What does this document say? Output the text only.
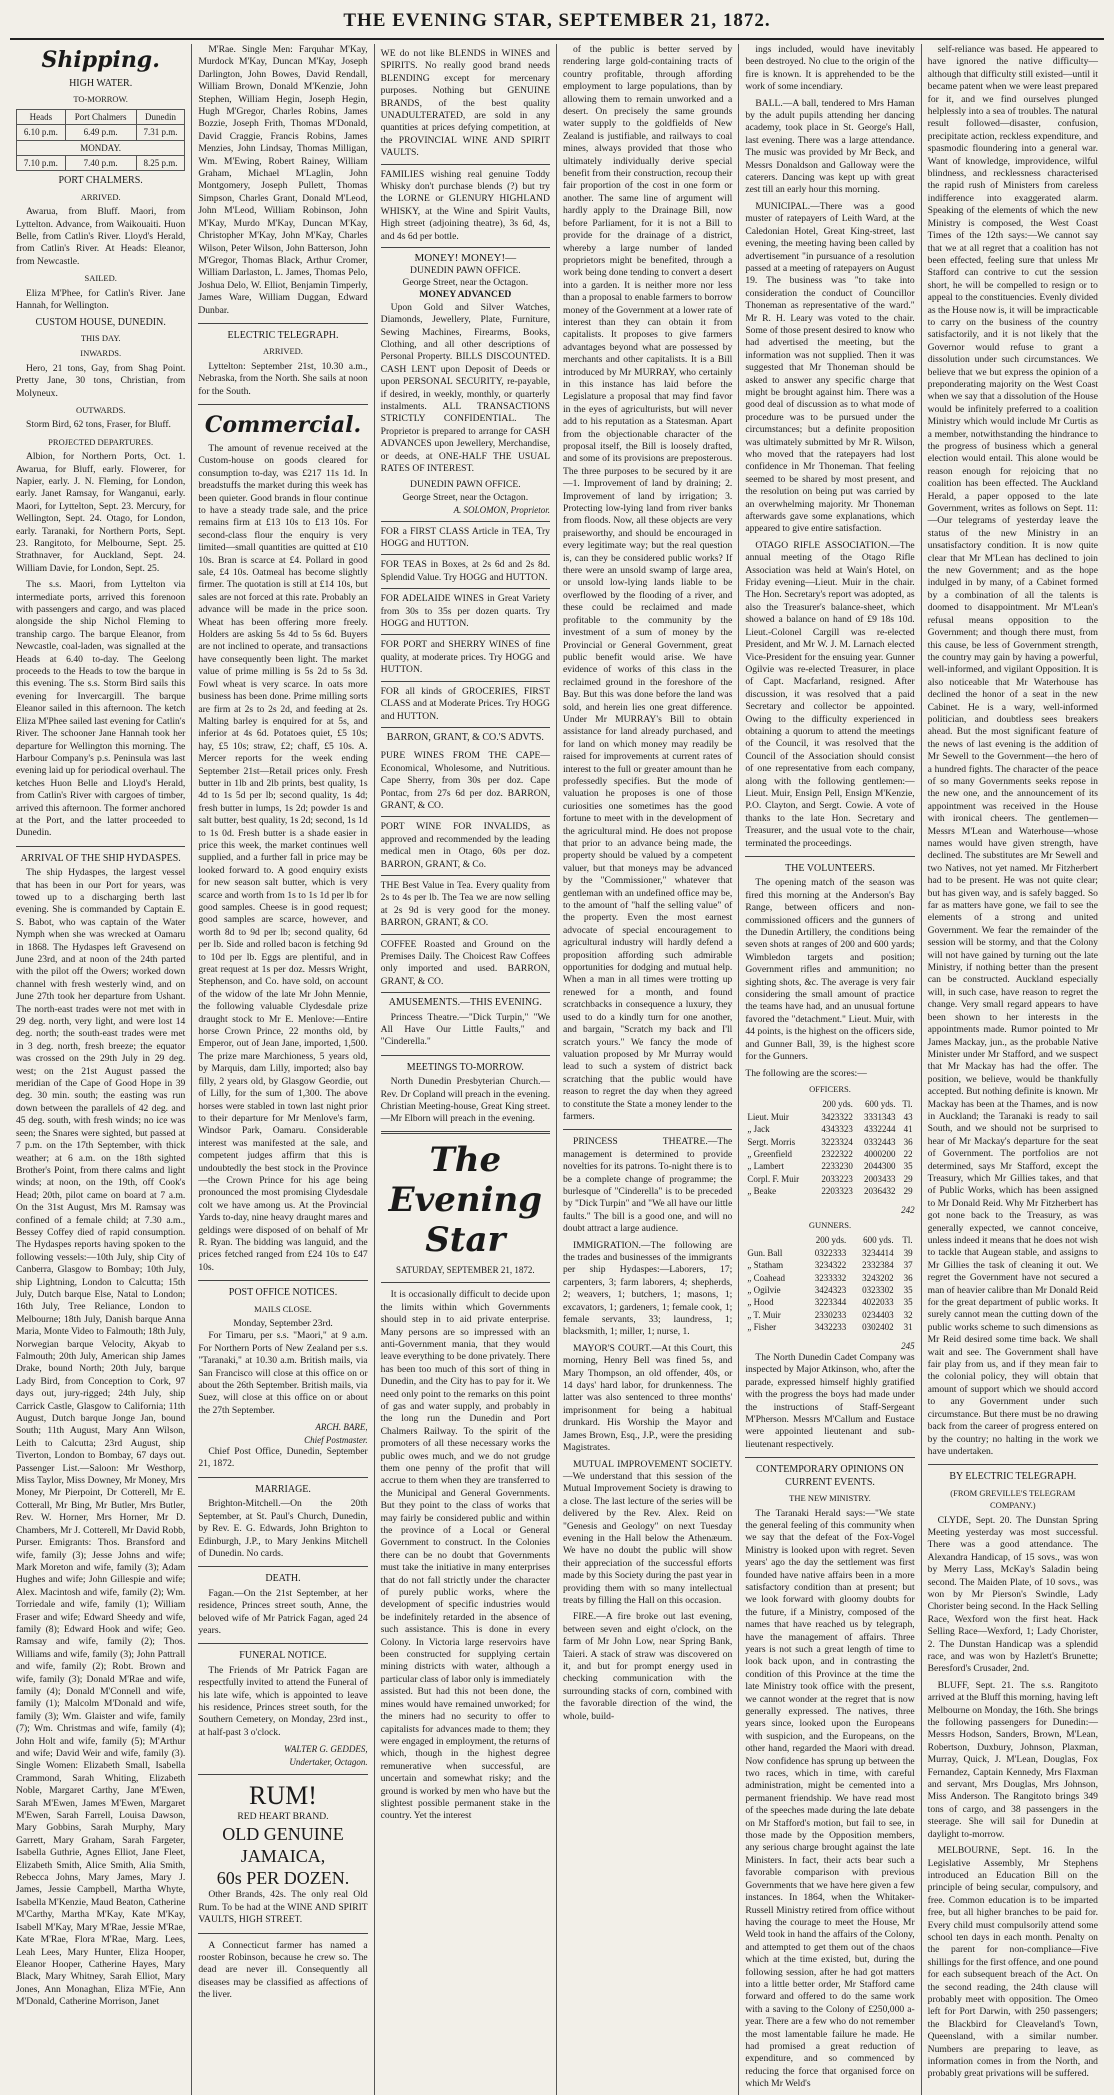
THE EVENING STAR, SEPTEMBER 21, 1872.
Shipping.
HIGH WATER.
TO-MORROW.
Heads	Port Chalmers	Dunedin
6.10 p.m.	6.49 p.m.	7.31 p.m.
MONDAY.		
7.10 p.m.	7.40 p.m.	8.25 p.m.
PORT CHALMERS.
ARRIVED.

Awarua, from Bluff. Maori, from Lyttelton. Advance, from Waikouaiti. Huon Belle, from Catlin's River. Lloyd's Herald, from Catlin's River. At Heads: Eleanor, from Newcastle.

SAILED.

Eliza M'Phee, for Catlin's River. Jane Hannah, for Wellington.

CUSTOM HOUSE, DUNEDIN.
THIS DAY.
INWARDS.

Hero, 21 tons, Gay, from Shag Point. Pretty Jane, 30 tons, Christian, from Molyneux.

OUTWARDS.

Storm Bird, 62 tons, Fraser, for Bluff.

PROJECTED DEPARTURES.

Albion, for Northern Ports, Oct. 1. Awarua, for Bluff, early. Flowerer, for Napier, early. J. N. Fleming, for London, early. Janet Ramsay, for Wanganui, early. Maori, for Lyttelton, Sept. 23. Mercury, for Wellington, Sept. 24. Otago, for London, early. Taranaki, for Northern Ports, Sept. 23. Rangitoto, for Melbourne, Sept. 25. Strathnaver, for Auckland, Sept. 24. William Davie, for London, Sept. 25.

The s.s. Maori, from Lyttelton via intermediate ports, arrived this forenoon with passengers and cargo, and was placed alongside the ship Nichol Fleming to tranship cargo. The barque Eleanor, from Newcastle, coal-laden, was signalled at the Heads at 6.40 to-day. The Geelong proceeds to the Heads to tow the barque in this evening. The s.s. Storm Bird sails this evening for Invercargill. The barque Eleanor sailed in this afternoon. The ketch Eliza M'Phee sailed last evening for Catlin's River. The schooner Jane Hannah took her departure for Wellington this morning. The Harbour Company's p.s. Peninsula was last evening laid up for periodical overhaul. The ketches Huon Belle and Lloyd's Herald, from Catlin's River with cargoes of timber, arrived this afternoon. The former anchored at the Port, and the latter proceeded to Dunedin.

ARRIVAL OF THE SHIP HYDASPES.

The ship Hydaspes, the largest vessel that has been in our Port for years, was towed up to a discharging berth last evening. She is commanded by Captain E. S. Babot, who was captain of the Water Nymph when she was wrecked at Oamaru in 1868. The Hydaspes left Gravesend on June 23rd, and at noon of the 24th parted with the pilot off the Owers; worked down channel with fresh westerly wind, and on June 27th took her departure from Ushant. The north-east trades were not met with in 29 deg. north, very light, and were lost 14 deg. north; the south-east trades were met in 3 deg. north, fresh breeze; the equator was crossed on the 29th July in 29 deg. west; on the 21st August passed the meridian of the Cape of Good Hope in 39 deg. 30 min. south; the easting was run down between the parallels of 42 deg. and 45 deg. south, with fresh winds; no ice was seen; the Snares were sighted, but passed at 7 p.m. on the 17th September, with thick weather; at 6 a.m. on the 18th sighted Brother's Point, from there calms and light winds; at noon, on the 19th, off Cook's Head; 20th, pilot came on board at 7 a.m. On the 31st August, Mrs M. Ramsay was confined of a female child; at 7.30 a.m., Bessey Coffey died of rapid consumption. The Hydaspes reports having spoken to the following vessels:—10th July, ship City of Canberra, Glasgow to Bombay; 10th July, ship Lightning, London to Calcutta; 15th July, Dutch barque Else, Natal to London; 16th July, Tree Reliance, London to Melbourne; 18th July, Danish barque Anna Maria, Monte Video to Falmouth; 18th July, Norwegian barque Velocity, Akyab to Falmouth; 20th July, American ship James Drake, bound North; 20th July, barque Lady Bird, from Conception to Cork, 97 days out, jury-rigged; 24th July, ship Carrick Castle, Glasgow to California; 11th August, Dutch barque Jonge Jan, bound South; 11th August, Mary Ann Wilson, Leith to Calcutta; 23rd August, ship Tiverton, London to Bombay, 67 days out. Passenger List.—Saloon: Mr Westhorp, Miss Taylor, Miss Downey, Mr Money, Mrs Money, Mr Pierpoint, Dr Cotterell, Mr E. Cotterall, Mr Bing, Mr Butler, Mrs Butler, Rev. W. Horner, Mrs Horner, Mr D. Chambers, Mr J. Cotterell, Mr David Robb, Purser. Emigrants: Thos. Bransford and wife, family (3); Jesse Johns and wife; Mark Moreton and wife, family (3); Adam Hughes and wife; John Gillespie and wife; Alex. Macintosh and wife, family (2); Wm. Torriedale and wife, family (1); William Fraser and wife; Edward Sheedy and wife, family (8); Edward Hook and wife; Geo. Ramsay and wife, family (2); Thos. Williams and wife, family (3); John Pattrall and wife, family (2); Robt. Brown and wife, family (3); Donald M'Rae and wife, family (4); Donald M'Connell and wife, family (1); Malcolm M'Donald and wife, family (3); Wm. Glaister and wife, family (7); Wm. Christmas and wife, family (4); John Holt and wife, family (5); M'Arthur and wife; David Weir and wife, family (3). Single Women: Elizabeth Small, Isabella Crammond, Sarah Whiting, Elizabeth Noble, Margaret Carthy, Jane M'Ewen, Sarah M'Ewen, James M'Ewen, Margaret M'Ewen, Sarah Farrell, Louisa Dawson, Mary Gobbins, Sarah Murphy, Mary Garrett, Mary Graham, Sarah Fargeter, Isabella Guthrie, Agnes Elliot, Jane Fleet, Elizabeth Smith, Alice Smith, Alia Smith, Rebecca Johns, Mary James, Mary J. James, Jessie Campbell, Martha Whyte, Isabella M'Kenzie, Maud Beaton, Catherine M'Carthy, Martha M'Kay, Kate M'Kay, Isabell M'Kay, Mary M'Rae, Jessie M'Rae, Kate M'Rae, Flora M'Rae, Marg. Lees, Leah Lees, Mary Hunter, Eliza Hooper, Eleanor Hooper, Catherine Hayes, Mary Black, Mary Whitney, Sarah Elliot, Mary Jones, Ann Monaghan, Eliza M'Fie, Ann M'Donald, Catherine Morrison, Janet

M'Rae. Single Men: Farquhar M'Kay, Murdock M'Kay, Duncan M'Kay, Joseph Darlington, John Bowes, David Rendall, William Brown, Donald M'Kenzie, John Stephen, William Hegin, Joseph Hegin, Hugh M'Gregor, Charles Robins, James Bozzie, Joseph Frith, Thomas M'Donald, David Craggie, Francis Robins, James Menzies, John Lindsay, Thomas Milligan, Wm. M'Ewing, Robert Rainey, William Graham, Michael M'Laglin, John Montgomery, Joseph Pullett, Thomas Simpson, Charles Grant, Donald M'Leod, John M'Leod, William Robinson, John M'Kay, Murdo M'Kay, Duncan M'Kay, Christopher M'Kay, John M'Kay, Charles Wilson, Peter Wilson, John Batterson, John M'Gregor, Thomas Black, Arthur Cromer, William Darlaston, L. James, Thomas Pelo, Joshua Delo, W. Elliot, Benjamin Timperly, James Ware, William Duggan, Edward Dunbar.

ELECTRIC TELEGRAPH.
ARRIVED.

Lyttelton: September 21st, 10.30 a.m., Nebraska, from the North. She sails at noon for the South.

Commercial.

The amount of revenue received at the Custom-house on goods cleared for consumption to-day, was £217 11s 1d. In breadstuffs the market during this week has been quieter. Good brands in flour continue to have a steady trade sale, and the price remains firm at £13 10s to £13 10s. For second-class flour the enquiry is very limited—small quantities are quitted at £10 10s. Bran is scarce at £4. Pollard in good sale, £4 10s. Oatmeal has become slightly firmer. The quotation is still at £14 10s, but sales are not forced at this rate. Probably an advance will be made in the price soon. Wheat has been offering more freely. Holders are asking 5s 4d to 5s 6d. Buyers are not inclined to operate, and transactions have consequently been light. The market value of prime milling is 5s 2d to 5s 3d. Fowl wheat is very scarce. In oats more business has been done. Prime milling sorts are firm at 2s to 2s 2d, and feeding at 2s. Malting barley is enquired for at 5s, and inferior at 4s 6d. Potatoes quiet, £5 10s; hay, £5 10s; straw, £2; chaff, £5 10s. A. Mercer reports for the week ending September 21st—Retail prices only. Fresh butter in 1lb and 2lb prints, best quality, 1s 4d to 1s 5d per lb; second quality, 1s 4d; fresh butter in lumps, 1s 2d; powder 1s and salt butter, best quality, 1s 2d; second, 1s 1d to 1s 0d. Fresh butter is a shade easier in price this week, the market continues well supplied, and a further fall in price may be looked forward to. A good enquiry exists for new season salt butter, which is very scarce and worth from 1s to 1s 1d per lb for good samples. Cheese is in good request; good samples are scarce, however, and worth 8d to 9d per lb; second quality, 6d per lb. Side and rolled bacon is fetching 9d to 10d per lb. Eggs are plentiful, and in great request at 1s per doz. Messrs Wright, Stephenson, and Co. have sold, on account of the widow of the late Mr John Mennie, the following valuable Clydesdale prize draught stock to Mr E. Menlove:—Entire horse Crown Prince, 22 months old, by Emperor, out of Jean Jane, imported, 1,500. The prize mare Marchioness, 5 years old, by Marquis, dam Lilly, imported; also bay filly, 2 years old, by Glasgow Geordie, out of Lilly, for the sum of 1,300. The above horses were stabled in town last night prior to their departure for Mr Menlove's farm, Windsor Park, Oamaru. Considerable interest was manifested at the sale, and competent judges affirm that this is undoubtedly the best stock in the Province—the Crown Prince for his age being pronounced the most promising Clydesdale colt we have among us. At the Provincial Yards to-day, nine heavy draught mares and geldings were disposed of on behalf of Mr R. Ryan. The bidding was languid, and the prices fetched ranged from £24 10s to £47 10s.

POST OFFICE NOTICES.
MAILS CLOSE.
Monday, September 23rd.

For Timaru, per s.s. "Maori," at 9 a.m. For Northern Ports of New Zealand per s.s. "Taranaki," at 10.30 a.m. British mails, via San Francisco will close at this office on or about the 26th September. British mails, via Suez, will close at this office on or about the 27th September.

ARCH. BARE,
Chief Postmaster.

Chief Post Office, Dunedin, September 21, 1872.

MARRIAGE.

Brighton-Mitchell.—On the 20th September, at St. Paul's Church, Dunedin, by Rev. E. G. Edwards, John Brighton to Edinburgh, J.P., to Mary Jenkins Mitchell of Dunedin. No cards.

DEATH.

Fagan.—On the 21st September, at her residence, Princes street south, Anne, the beloved wife of Mr Patrick Fagan, aged 24 years.

FUNERAL NOTICE.

The Friends of Mr Patrick Fagan are respectfully invited to attend the Funeral of his late wife, which is appointed to leave his residence, Princes street south, for the Southern Cemetery, on Monday, 23rd inst., at half-past 3 o'clock.

WALTER G. GEDDES,
Undertaker, Octagon.
RUM!
RED HEART BRAND.
OLD GENUINE JAMAICA,
60s PER DOZEN.

Other Brands, 42s. The only real Old Rum. To be had at the WINE AND SPIRIT VAULTS, HIGH STREET.

A Connecticut farmer has named a rooster Robinson, because he crew so. The dead are never ill. Consequently all diseases may be classified as affections of the liver.

WE do not like BLENDS in WINES and SPIRITS. No really good brand needs BLENDING except for mercenary purposes. Nothing but GENUINE BRANDS, of the best quality UNADULTERATED, are sold in any quantities at prices defying competition, at the PROVINCIAL WINE AND SPIRIT VAULTS.
FAMILIES wishing real genuine Toddy Whisky don't purchase blends (?) but try the LORNE or GLENURY HIGHLAND WHISKY, at the Wine and Spirit Vaults, High street (adjoining theatre), 3s 6d, 4s, and 4s 6d per bottle.
MONEY! MONEY!—
DUNEDIN PAWN OFFICE.
George Street, near the Octagon.
MONEY ADVANCED

Upon Gold and Silver Watches, Diamonds, Jewellery, Plate, Furniture, Sewing Machines, Firearms, Books, Clothing, and all other descriptions of Personal Property. BILLS DISCOUNTED. CASH LENT upon Deposit of Deeds or upon PERSONAL SECURITY, re-payable, if desired, in weekly, monthly, or quarterly instalments. ALL TRANSACTIONS STRICTLY CONFIDENTIAL. The Proprietor is prepared to arrange for CASH ADVANCES upon Jewellery, Merchandise, or deeds, at ONE-HALF THE USUAL RATES OF INTEREST.

DUNEDIN PAWN OFFICE.
George Street, near the Octagon.
A. SOLOMON, Proprietor.
FOR a FIRST CLASS Article in TEA, Try HOGG and HUTTON.
FOR TEAS in Boxes, at 2s 6d and 2s 8d. Splendid Value. Try HOGG and HUTTON.
FOR ADELAIDE WINES in Great Variety from 30s to 35s per dozen quarts. Try HOGG and HUTTON.
FOR PORT and SHERRY WINES of fine quality, at moderate prices. Try HOGG and HUTTON.
FOR all kinds of GROCERIES, FIRST CLASS and at Moderate Prices. Try HOGG and HUTTON.
BARRON, GRANT, & CO.'S ADVTS.
PURE WINES FROM THE CAPE— Economical, Wholesome, and Nutritious. Cape Sherry, from 30s per doz. Cape Pontac, from 27s 6d per doz. BARRON, GRANT, & CO.
PORT WINE FOR INVALIDS, as approved and recommended by the leading medical men in Otago, 60s per doz. BARRON, GRANT, & Co.
THE Best Value in Tea. Every quality from 2s to 4s per lb. The Tea we are now selling at 2s 9d is very good for the money. BARRON, GRANT, & CO.
COFFEE Roasted and Ground on the Premises Daily. The Choicest Raw Coffees only imported and used. BARRON, GRANT, & CO.
AMUSEMENTS.—THIS EVENING.

Princess Theatre.—"Dick Turpin," "We All Have Our Little Faults," and "Cinderella."

MEETINGS TO-MORROW.

North Dunedin Presbyterian Church.—Rev. Dr Copland will preach in the evening. Christian Meeting-house, Great King street.—Mr Elborn will preach in the evening.

The Evening Star
SATURDAY, SEPTEMBER 21, 1872.

It is occasionally difficult to decide upon the limits within which Governments should step in to aid private enterprise. Many persons are so impressed with an anti-Government mania, that they would leave everything to be done privately. There has been too much of this sort of thing in Dunedin, and the City has to pay for it. We need only point to the remarks on this point of gas and water supply, and probably in the long run the Dunedin and Port Chalmers Railway. To the spirit of the promoters of all these necessary works the public owes much, and we do not grudge them one penny of the profit that will accrue to them when they are transferred to the Municipal and General Governments. But they point to the class of works that may fairly be considered public and within the province of a Local or General Government to construct. In the Colonies there can be no doubt that Governments must take the initiative in many enterprises that do not fall strictly under the character of purely public works, where the development of specific industries would be indefinitely retarded in the absence of such assistance. This is done in every Colony. In Victoria large reservoirs have been constructed for supplying certain mining districts with water, although a particular class of labor only is immediately assisted. But had this not been done, the mines would have remained unworked; for the miners had no security to offer to capitalists for advances made to them; they were engaged in employment, the returns of which, though in the highest degree remunerative when successful, are uncertain and somewhat risky; and the ground is worked by men who have but the slightest possible permanent stake in the country. Yet the interest

of the public is better served by rendering large gold-containing tracts of country profitable, through affording employment to large populations, than by allowing them to remain unworked and a desert. On precisely the same grounds water supply to the goldfields of New Zealand is justifiable, and railways to coal mines, always provided that those who ultimately individually derive special benefit from their construction, recoup their fair proportion of the cost in one form or another. The same line of argument will hardly apply to the Drainage Bill, now before Parliament, for it is not a Bill to provide for the drainage of a district, whereby a large number of landed proprietors might be benefited, through a work being done tending to convert a desert into a garden. It is neither more nor less than a proposal to enable farmers to borrow money of the Government at a lower rate of interest than they can obtain it from capitalists. It proposes to give farmers advantages beyond what are possessed by merchants and other capitalists. It is a Bill introduced by Mr MURRAY, who certainly in this instance has laid before the Legislature a proposal that may find favor in the eyes of agriculturists, but will never add to his reputation as a Statesman. Apart from the objectionable character of the proposal itself, the Bill is loosely drafted, and some of its provisions are preposterous. The three purposes to be secured by it are—1. Improvement of land by draining; 2. Improvement of land by irrigation; 3. Protecting low-lying land from river banks from floods. Now, all these objects are very praiseworthy, and should be encouraged in every legitimate way; but the real question is, can they be considered public works? If there were an unsold swamp of large area, or unsold low-lying lands liable to be overflowed by the flooding of a river, and these could be reclaimed and made profitable to the community by the investment of a sum of money by the Provincial or General Government, great public benefit would arise. We have evidence of works of this class in the reclaimed ground in the foreshore of the Bay. But this was done before the land was sold, and herein lies one great difference. Under Mr MURRAY's Bill to obtain assistance for land already purchased, and for land on which money may readily be raised for improvements at current rates of interest to the full or greater amount than he professedly specifies. But the mode of valuation he proposes is one of those curiosities one sometimes has the good fortune to meet with in the development of the agricultural mind. He does not propose that prior to an advance being made, the property should be valued by a competent valuer, but that moneys may be advanced by the "Commissioner," whatever that gentleman with an undefined office may be, to the amount of "half the selling value" of the property. Even the most earnest advocate of special encouragement to agricultural industry will hardly defend a proposition affording such admirable opportunities for dodging and mutual help. When a man in all times were trotting up renewed for a month, and found scratchbacks in consequence a luxury, they used to do a kindly turn for one another, and bargain, "Scratch my back and I'll scratch yours." We fancy the mode of valuation proposed by Mr Murray would lead to such a system of district back scratching that the public would have reason to regret the day when they agreed to constitute the State a money lender to the farmers.

PRINCESS THEATRE.—The management is determined to provide novelties for its patrons. To-night there is to be a complete change of programme; the burlesque of "Cinderella" is to be preceded by "Dick Turpin" and "We all have our little faults." The bill is a good one, and will no doubt attract a large audience.

IMMIGRATION.—The following are the trades and businesses of the immigrants per ship Hydaspes:—Laborers, 17; carpenters, 3; farm laborers, 4; shepherds, 2; weavers, 1; butchers, 1; masons, 1; excavators, 1; gardeners, 1; female cook, 1; female servants, 33; laundress, 1; blacksmith, 1; miller, 1; nurse, 1.

MAYOR'S COURT.—At this Court, this morning, Henry Bell was fined 5s, and Mary Thompson, an old offender, 40s, or 14 days' hard labor, for drunkenness. The latter was also sentenced to three months' imprisonment for being a habitual drunkard. His Worship the Mayor and James Brown, Esq., J.P., were the presiding Magistrates.

MUTUAL IMPROVEMENT SOCIETY.—We understand that this session of the Mutual Improvement Society is drawing to a close. The last lecture of the series will be delivered by the Rev. Alex. Reid on "Genesis and Geology" on next Tuesday evening in the Hall below the Athenæum. We have no doubt the public will show their appreciation of the successful efforts made by this Society during the past year in providing them with so many intellectual treats by filling the Hall on this occasion.

FIRE.—A fire broke out last evening, between seven and eight o'clock, on the farm of Mr John Low, near Spring Bank, Taieri. A stack of straw was discovered on it, and but for prompt energy used in checking communication with the surrounding stacks of corn, combined with the favorable direction of the wind, the whole, build-

ings included, would have inevitably been destroyed. No clue to the origin of the fire is known. It is apprehended to be the work of some incendiary.

BALL.—A ball, tendered to Mrs Haman by the adult pupils attending her dancing academy, took place in St. George's Hall, last evening. There was a large attendance. The music was provided by Mr Beck, and Messrs Donaldson and Galloway were the caterers. Dancing was kept up with great zest till an early hour this morning.

MUNICIPAL.—There was a good muster of ratepayers of Leith Ward, at the Caledonian Hotel, Great King-street, last evening, the meeting having been called by advertisement "in pursuance of a resolution passed at a meeting of ratepayers on August 19. The business was "to take into consideration the conduct of Councillor Thoneman as representative of the ward." Mr R. H. Leary was voted to the chair. Some of those present desired to know who had advertised the meeting, but the information was not supplied. Then it was suggested that Mr Thoneman should be asked to answer any specific charge that might be brought against him. There was a good deal of discussion as to what mode of procedure was to be pursued under the circumstances; but a definite proposition was ultimately submitted by Mr R. Wilson, who moved that the ratepayers had lost confidence in Mr Thoneman. That feeling seemed to be shared by most present, and the resolution on being put was carried by an overwhelming majority. Mr Thoneman afterwards gave some explanations, which appeared to give entire satisfaction.

OTAGO RIFLE ASSOCIATION.—The annual meeting of the Otago Rifle Association was held at Wain's Hotel, on Friday evening—Lieut. Muir in the chair. The Hon. Secretary's report was adopted, as also the Treasurer's balance-sheet, which showed a balance on hand of £9 18s 10d. Lieut.-Colonel Cargill was re-elected President, and Mr W. J. M. Larnach elected Vice-President for the ensuing year. Gunner Ogilvie was re-elected Treasurer, in place of Capt. Macfarland, resigned. After discussion, it was resolved that a paid Secretary and collector be appointed. Owing to the difficulty experienced in obtaining a quorum to attend the meetings of the Council, it was resolved that the Council of the Association should consist of one representative from each company, along with the following gentlemen:—Lieut. Muir, Ensign Pell, Ensign M'Kenzie, P.O. Clayton, and Sergt. Cowie. A vote of thanks to the late Hon. Secretary and Treasurer, and the usual vote to the chair, terminated the proceedings.

THE VOLUNTEERS.

The opening match of the season was fired this morning at the Anderson's Bay Range, between officers and non-commissioned officers and the gunners of the Dunedin Artillery, the conditions being seven shots at ranges of 200 and 600 yards; Wimbledon targets and position; Government rifles and ammunition; no sighting shots, &c. The average is very fair considering the small amount of practice the teams have had, and an unusual fortune favored the "detachment." Lieut. Muir, with 44 points, is the highest on the officers side, and Gunner Ball, 39, is the highest score for the Gunners.

The following are the scores:—
OFFICERS.
	200 yds.	600 yds.	Tl.
Lieut. Muir	3423322	3331343	43
„ Jack	4343323	4332244	41
Sergt. Morris	3223324	0332443	36
„ Greenfield	2322322	4000200	22
„ Lambert	2233230	2044300	35
Corpl. F. Muir	2033223	2003433	29
„ Beake	2203323	2036432	29
242
GUNNERS.
	200 yds.	600 yds.	Tl.
Gun. Ball	0322333	3234414	39
„ Statham	3234322	2332384	37
„ Coahead	3233332	3243202	36
„ Ogilvie	3424323	0323302	35
„ Hood	3223344	4022033	35
„ T. Muir	2330233	0234403	32
„ Fisher	3432233	0302402	31
245

The North Dunedin Cadet Company was inspected by Major Atkinson, who, after the parade, expressed himself highly gratified with the progress the boys had made under the instructions of Staff-Sergeant M'Pherson. Messrs M'Callum and Eustace were appointed lieutenant and sub-lieutenant respectively.

CONTEMPORARY OPINIONS ON CURRENT EVENTS.
THE NEW MINISTRY.

The Taranaki Herald says:—"We state the general feeling of this community when we say that the defeat of the Fox-Vogel Ministry is looked upon with regret. Seven years' ago the day the settlement was first founded have native affairs been in a more satisfactory condition than at present; but we look forward with gloomy doubts for the future, if a Ministry, composed of the names that have reached us by telegraph, have the management of affairs. Three years is not such a great length of time to look back upon, and in contrasting the condition of this Province at the time the late Ministry took office with the present, we cannot wonder at the regret that is now generally expressed. The natives, three years since, looked upon the Europeans with suspicion, and the Europeans, on the other hand, regarded the Maori with dread. Now confidence has sprung up between the two races, which in time, with careful administration, might be cemented into a permanent friendship. We have read most of the speeches made during the late debate on Mr Stafford's motion, but fail to see, in those made by the Opposition members, any serious charge brought against the late Ministers. In fact, their acts bear such a favorable comparison with previous Governments that we have here given a few instances. In 1864, when the Whitaker-Russell Ministry retired from office without having the courage to meet the House, Mr Weld took in hand the affairs of the Colony, and attempted to get them out of the chaos which at the time existed, but, during the following session, after he had got matters into a little better order, Mr Stafford came forward and offered to do the same work with a saving to the Colony of £250,000 a-year. There are a few who do not remember the most lamentable failure he made. He had promised a great reduction of expenditure, and so commenced by reducing the force that organised force on which Mr Weld's

self-reliance was based. He appeared to have ignored the native difficulty—although that difficulty still existed—until it became patent when we were least prepared for it, and we find ourselves plunged helplessly into a sea of troubles. The natural result followed—disaster, confusion, precipitate action, reckless expenditure, and spasmodic floundering into a general war. Want of knowledge, improvidence, wilful blindness, and recklessness characterised the rapid rush of Ministers from careless indifference into exaggerated alarm. Speaking of the elements of which the new Ministry is composed, the West Coast Times of the 12th says:—We cannot say that we at all regret that a coalition has not been effected, feeling sure that unless Mr Stafford can contrive to cut the session short, he will be compelled to resign or to appeal to the constituencies. Evenly divided as the House now is, it will be impracticable to carry on the business of the country satisfactorily, and it is not likely that the Governor would refuse to grant a dissolution under such circumstances. We believe that we but express the opinion of a preponderating majority on the West Coast when we say that a dissolution of the House would be infinitely preferred to a coalition Ministry which would include Mr Curtis as a member, notwithstanding the hindrance to the progress of business which a general election would entail. This alone would be reason enough for rejoicing that no coalition has been effected. The Auckland Herald, a paper opposed to the late Government, writes as follows on Sept. 11:—Our telegrams of yesterday leave the status of the new Ministry in an unsatisfactory condition. It is now quite clear that Mr M'Lean has declined to join the new Government; and as the hope indulged in by many, of a Cabinet formed by a combination of all the talents is doomed to disappointment. Mr M'Lean's refusal means opposition to the Government; and though there must, from this cause, be less of Government strength, the country may gain by having a powerful, well-informed, and vigilant Opposition. It is also noticeable that Mr Waterhouse has declined the honor of a seat in the new Cabinet. He is a wary, well-informed politician, and doubtless sees breakers ahead. But the most significant feature of the news of last evening is the addition of Mr Sewell to the Government—the hero of a hundred fights. The character of the peace of so many Governments seeks repose in the new one, and the announcement of its appointment was received in the House with ironical cheers. The gentlemen—Messrs M'Lean and Waterhouse—whose names would have given strength, have declined. The substitutes are Mr Sewell and two Natives, not yet named. Mr Fitzherbert had to be present. He was not quite clear; but has given way, and is safely bagged. So far as matters have gone, we fail to see the elements of a strong and united Government. We fear the remainder of the session will be stormy, and that the Colony will not have gained by turning out the late Ministry, if nothing better than the present can be constructed. Auckland especially will, in such case, have reason to regret the change. Very small regard appears to have been shown to her interests in the appointments made. Rumor pointed to Mr James Mackay, jun., as the probable Native Minister under Mr Stafford, and we suspect that Mr Mackay has had the offer. The position, we believe, would be thankfully accepted. But nothing definite is known. Mr Mackay has been at the Thames, and is now in Auckland; the Taranaki is ready to sail South, and we should not be surprised to hear of Mr Mackay's departure for the seat of Government. The portfolios are not determined, says Mr Stafford, except the Treasury, which Mr Gillies takes, and that of Public Works, which has been assigned to Mr Donald Reid. Why Mr Fitzherbert has got none back to the Treasury, as was generally expected, we cannot conceive, unless indeed it means that he does not wish to tackle that Augean stable, and assigns to Mr Gillies the task of cleaning it out. We regret the Government have not secured a man of heavier calibre than Mr Donald Reid for the great department of public works. It surely cannot mean the cutting down of the public works scheme to such dimensions as Mr Reid desired some time back. We shall wait and see. The Government shall have fair play from us, and if they mean fair to the colonial policy, they will obtain that amount of support which we should accord to any Government under such circumstance. But there must be no drawing back from the career of progress entered on by the country; no halting in the work we have undertaken.

BY ELECTRIC TELEGRAPH.
(FROM GREVILLE'S TELEGRAM COMPANY.)

CLYDE, Sept. 20. The Dunstan Spring Meeting yesterday was most successful. There was a good attendance. The Alexandra Handicap, of 15 sovs., was won by Merry Lass, McKay's Saladin being second. The Maiden Plate, of 10 sovs., was won by Mr Pierson's Swindle, Lady Chorister being second. In the Hack Selling Race, Wexford won the first heat. Hack Selling Race—Wexford, 1; Lady Chorister, 2. The Dunstan Handicap was a splendid race, and was won by Hazlett's Brunette; Beresford's Crusader, 2nd.

BLUFF, Sept. 21. The s.s. Rangitoto arrived at the Bluff this morning, having left Melbourne on Monday, the 16th. She brings the following passengers for Dunedin:—Messrs Hodson, Sanders, Brown, M'Lean, Robertson, Duxbury, Johnson, Plaxman, Murray, Quick, J. M'Lean, Douglas, Fox Fernandez, Captain Kennedy, Mrs Flaxman and servant, Mrs Douglas, Mrs Johnson, Miss Anderson. The Rangitoto brings 349 tons of cargo, and 38 passengers in the steerage. She will sail for Dunedin at daylight to-morrow.

MELBOURNE, Sept. 16. In the Legislative Assembly, Mr Stephens introduced an Education Bill on the principle of being secular, compulsory, and free. Common education is to be imparted free, but all higher branches to be paid for. Every child must compulsorily attend some school ten days in each month. Penalty on the parent for non-compliance—Five shillings for the first offence, and one pound for each subsequent breach of the Act. On the second reading, the 24th clause will probably meet with opposition. The Omeo left for Port Darwin, with 250 passengers; the Blackbird for Cleaveland's Town, Queensland, with a similar number. Numbers are preparing to leave, as information comes in from the North, and probably great privations will be suffered.
